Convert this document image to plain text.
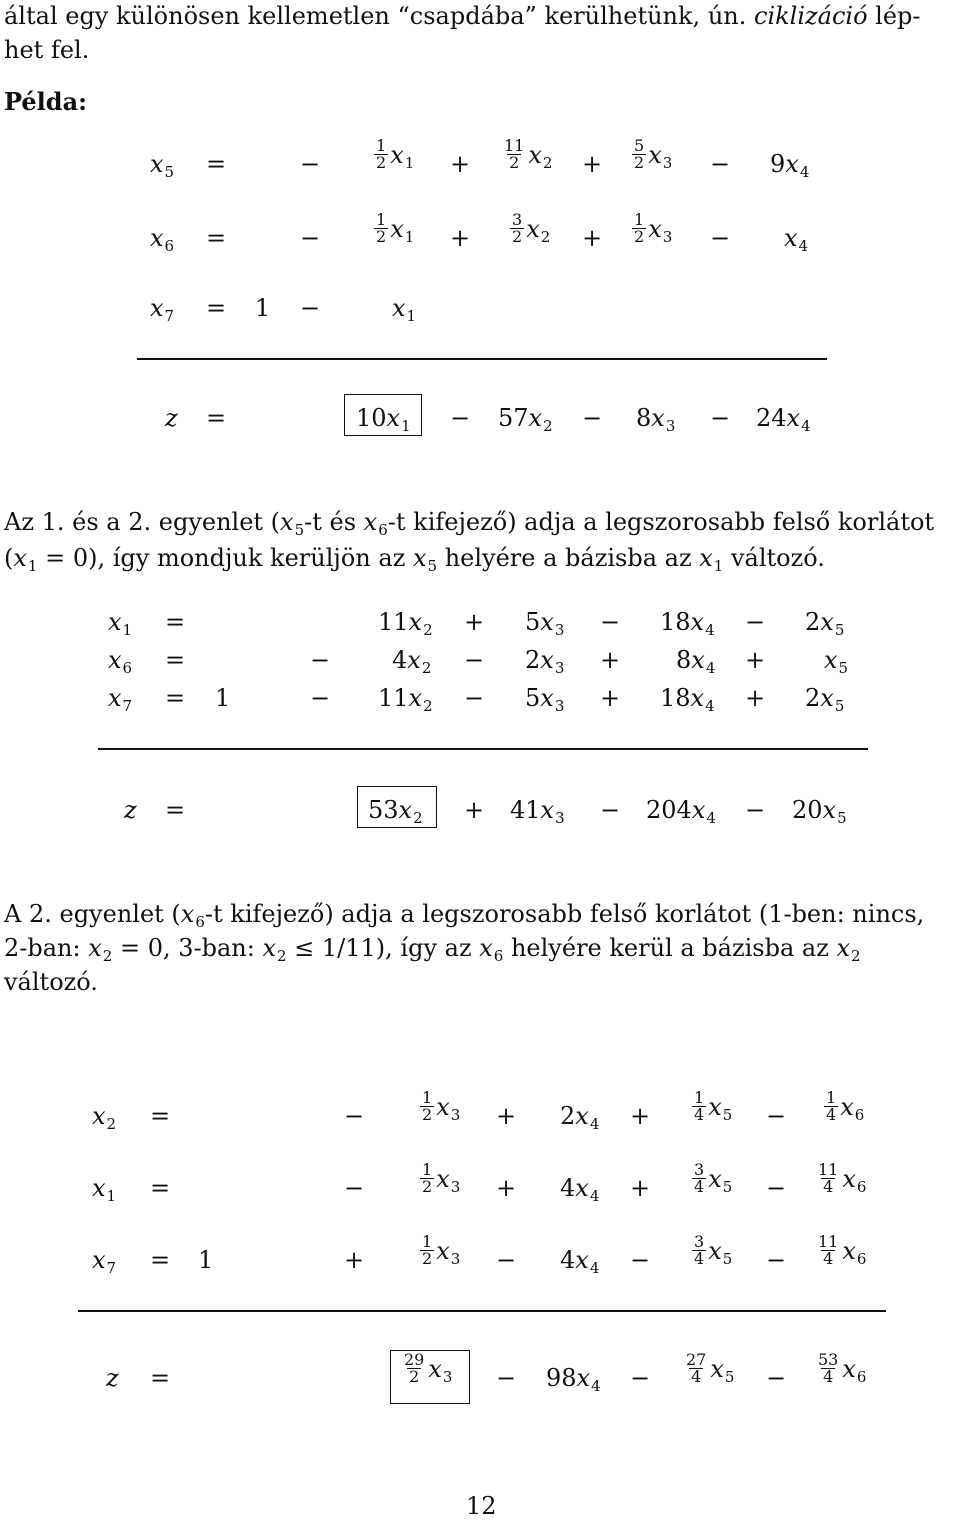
által egy különösen kellemetlen “csapdába” kerülhetünk, ún. ciklizáció lép-
het fel.
Példa:
$x_5$ =	−	$\frac{1}{2} x_1 + \frac{11}{2} x_2 + \frac{5}{2} x_3 - 9x_4$
$x_6$ =	−	$\frac{1}{2} x_1 + \frac{3}{2} x_2 + \frac{1}{2} x_3 - x_4$
$x_7 = 1$ −	$x_1$
z =	$10x_1 - 57x_2 - 8x_3 - 24x_4$
Az 1. és a 2. egyenlet ($x_5-t$ és $x_6-t$ kifejező) adja a legszorosabb felső korlátot
$(x_1 = 0)$, így mondjuk kerüljön az $x_5$ helyére a bázisba az $x_1$ változó.
$x_1$ =	$11x_2 + 5x_3 - 18x_4 - 2x_5$
$x_6$ =	−	$4x_2 - 2x_3 + 8x_4 + x_5$
$x_7 = 1$	− $11x_2 - 5x_3 + 18x_4 + 2x_5$
z =	$53x_2 + 41x_3 - 204x_4 - 20x_5$
A 2. egyenlet ($x_6-t$ kifejező) adja a legszorosabb felső korlátot (1-ben: nincs,
2-ban: $x_2 = 0$, 3-ban: $x_2 \le 1/11$), így az $x_6$ helyére kerül a bázisba az $x_2$
változó.
$x_2$ =	−	$\frac{1}{2} x_3 + 2x_4$ +	$\frac{1}{4} x_5 - \frac{1}{4} x_6$
$x_1$ =	−	$\frac{1}{2} x_3 + 4x_4$ +	$\frac{3}{4} x_5 - \frac{11}{4} x_6$
$x_7 = 1$	+	$\frac{1}{2} x_3 - 4x_4$ −	$\frac{3}{4} x_5 - \frac{11}{4} x_6$
z =	$\frac{29}{2} x_3 - 98x_4 - \frac{27}{4} x_5 - \frac{53}{4} x_6$
12
